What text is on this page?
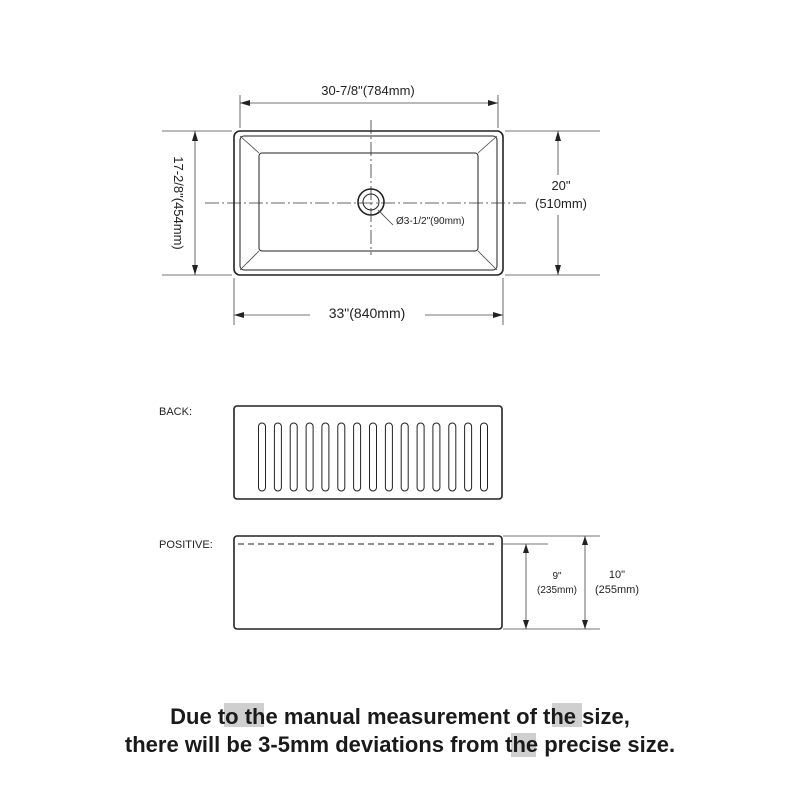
Ø3-1/2"(90mm)
30-7/8"(784mm)
33"(840mm)
17-2/8"(454mm)	20"
(510mm)
BACK:
POSITIVE:
9"
(235mm)
10"
(255mm)
Due to the manual measurement of the size,
there will be 3-5mm deviations from the precise size.
